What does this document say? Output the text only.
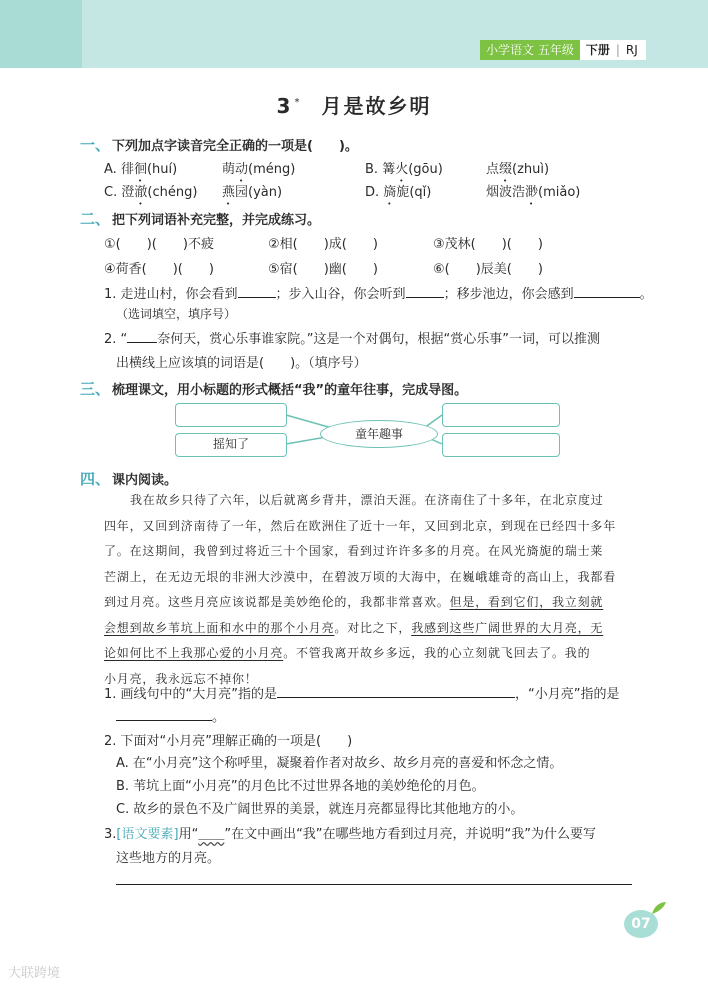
小学语文 五年级	下册 | RJ
3 * 月是故乡明
一、 下列加点字读音完全正确的一项是(　　)。
A. 徘徊(huí)	萌动(méng)	B. 篝火(gōu)	点缀(zhuì)
C. 澄澈(chéng) 燕园(yàn)	D. 旖旎(qǐ)	烟波浩渺(miǎo)
二、 把下列词语补充完整，并完成练习。
①(　　)(　　)不疲	②相(　　)成(　　)	③茂林(　　)(　　)
④荷香(　　)(　　)	⑤宿(　　)幽(　　)	⑥(　　)辰美(　　)
1. 走进山村，你会看到	；步入山谷，你会听到	；移步池边，你会感到	。
（选词填空，填序号）
2. “ 奈何天，赏心乐事谁家院。”这是一个对偶句，根据“赏心乐事”一词，可以推测
出横线上应该填的词语是(　　)。（填序号）
三、 梳理课文，用小标题的形式概括“我”的童年往事，完成导图。
摇知了
童年趣事
四、 课内阅读。
我在故乡只待了六年，以后就离乡背井，漂泊天涯。在济南住了十多年，在北京度过
四年，又回到济南待了一年，然后在欧洲住了近十一年，又回到北京，到现在已经四十多年
了。在这期间，我曾到过将近三十个国家，看到过许许多多的月亮。在风光旖旎的瑞士莱
芒湖上，在无边无垠的非洲大沙漠中，在碧波万顷的大海中，在巍峨雄奇的高山上，我都看
到过月亮。这些月亮应该说都是美妙绝伦的，我都非常喜欢。但是，看到它们，我立刻就
会想到故乡苇坑上面和水中的那个小月亮。对比之下，我感到这些广阔世界的大月亮，无
论如何比不上我那心爱的小月亮。不管我离开故乡多远，我的心立刻就飞回去了。我的
小月亮，我永远忘不掉你！
1. 画线句中的“大月亮”指的是	，“小月亮”指的是
。
2. 下面对“小月亮”理解正确的一项是(　　)
A. 在“小月亮”这个称呼里，凝聚着作者对故乡、故乡月亮的喜爱和怀念之情。
B. 苇坑上面“小月亮”的月色比不过世界各地的美妙绝伦的月色。
C. 故乡的景色不及广阔世界的美景，就连月亮都显得比其他地方的小。
3.[语文要素]用“＿＿”在文中画出“我”在哪些地方看到过月亮，并说明“我”为什么要写
这些地方的月亮。
07
大联跨境
